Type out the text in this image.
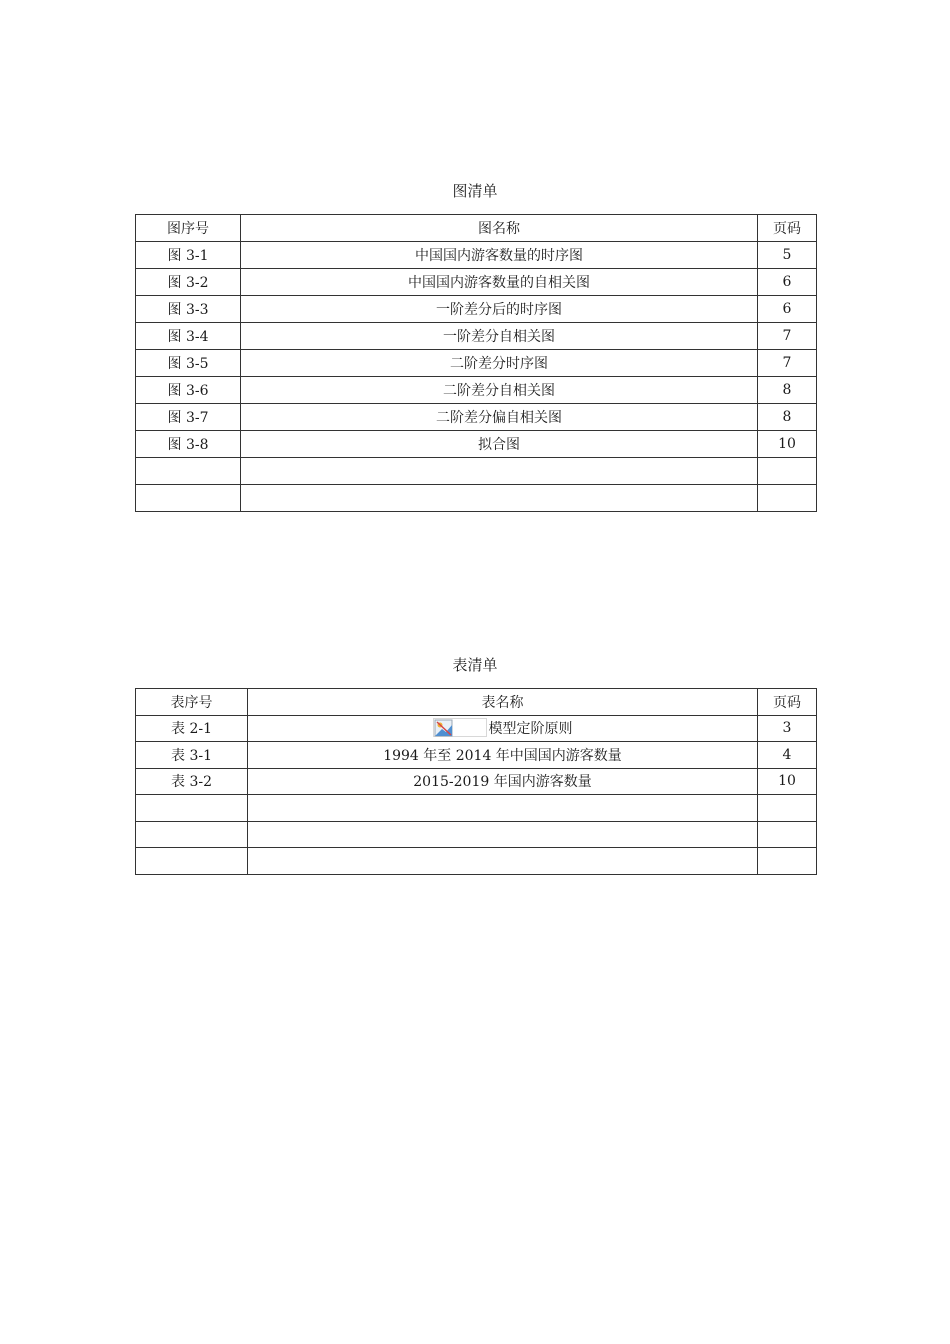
图清单
图序号	图名称	页码
图 3-1	中国国内游客数量的时序图	5
图 3-2	中国国内游客数量的自相关图	6
图 3-3	一阶差分后的时序图	6
图 3-4	一阶差分自相关图	7
图 3-5	二阶差分时序图	7
图 3-6	二阶差分自相关图	8
图 3-7	二阶差分偏自相关图	8
图 3-8	拟合图	10

表清单
表序号	表名称	页码
表 2-1	模型定阶原则	3
表 3-1	1994 年至 2014 年中国国内游客数量	4
表 3-2	2015-2019 年国内游客数量	10
